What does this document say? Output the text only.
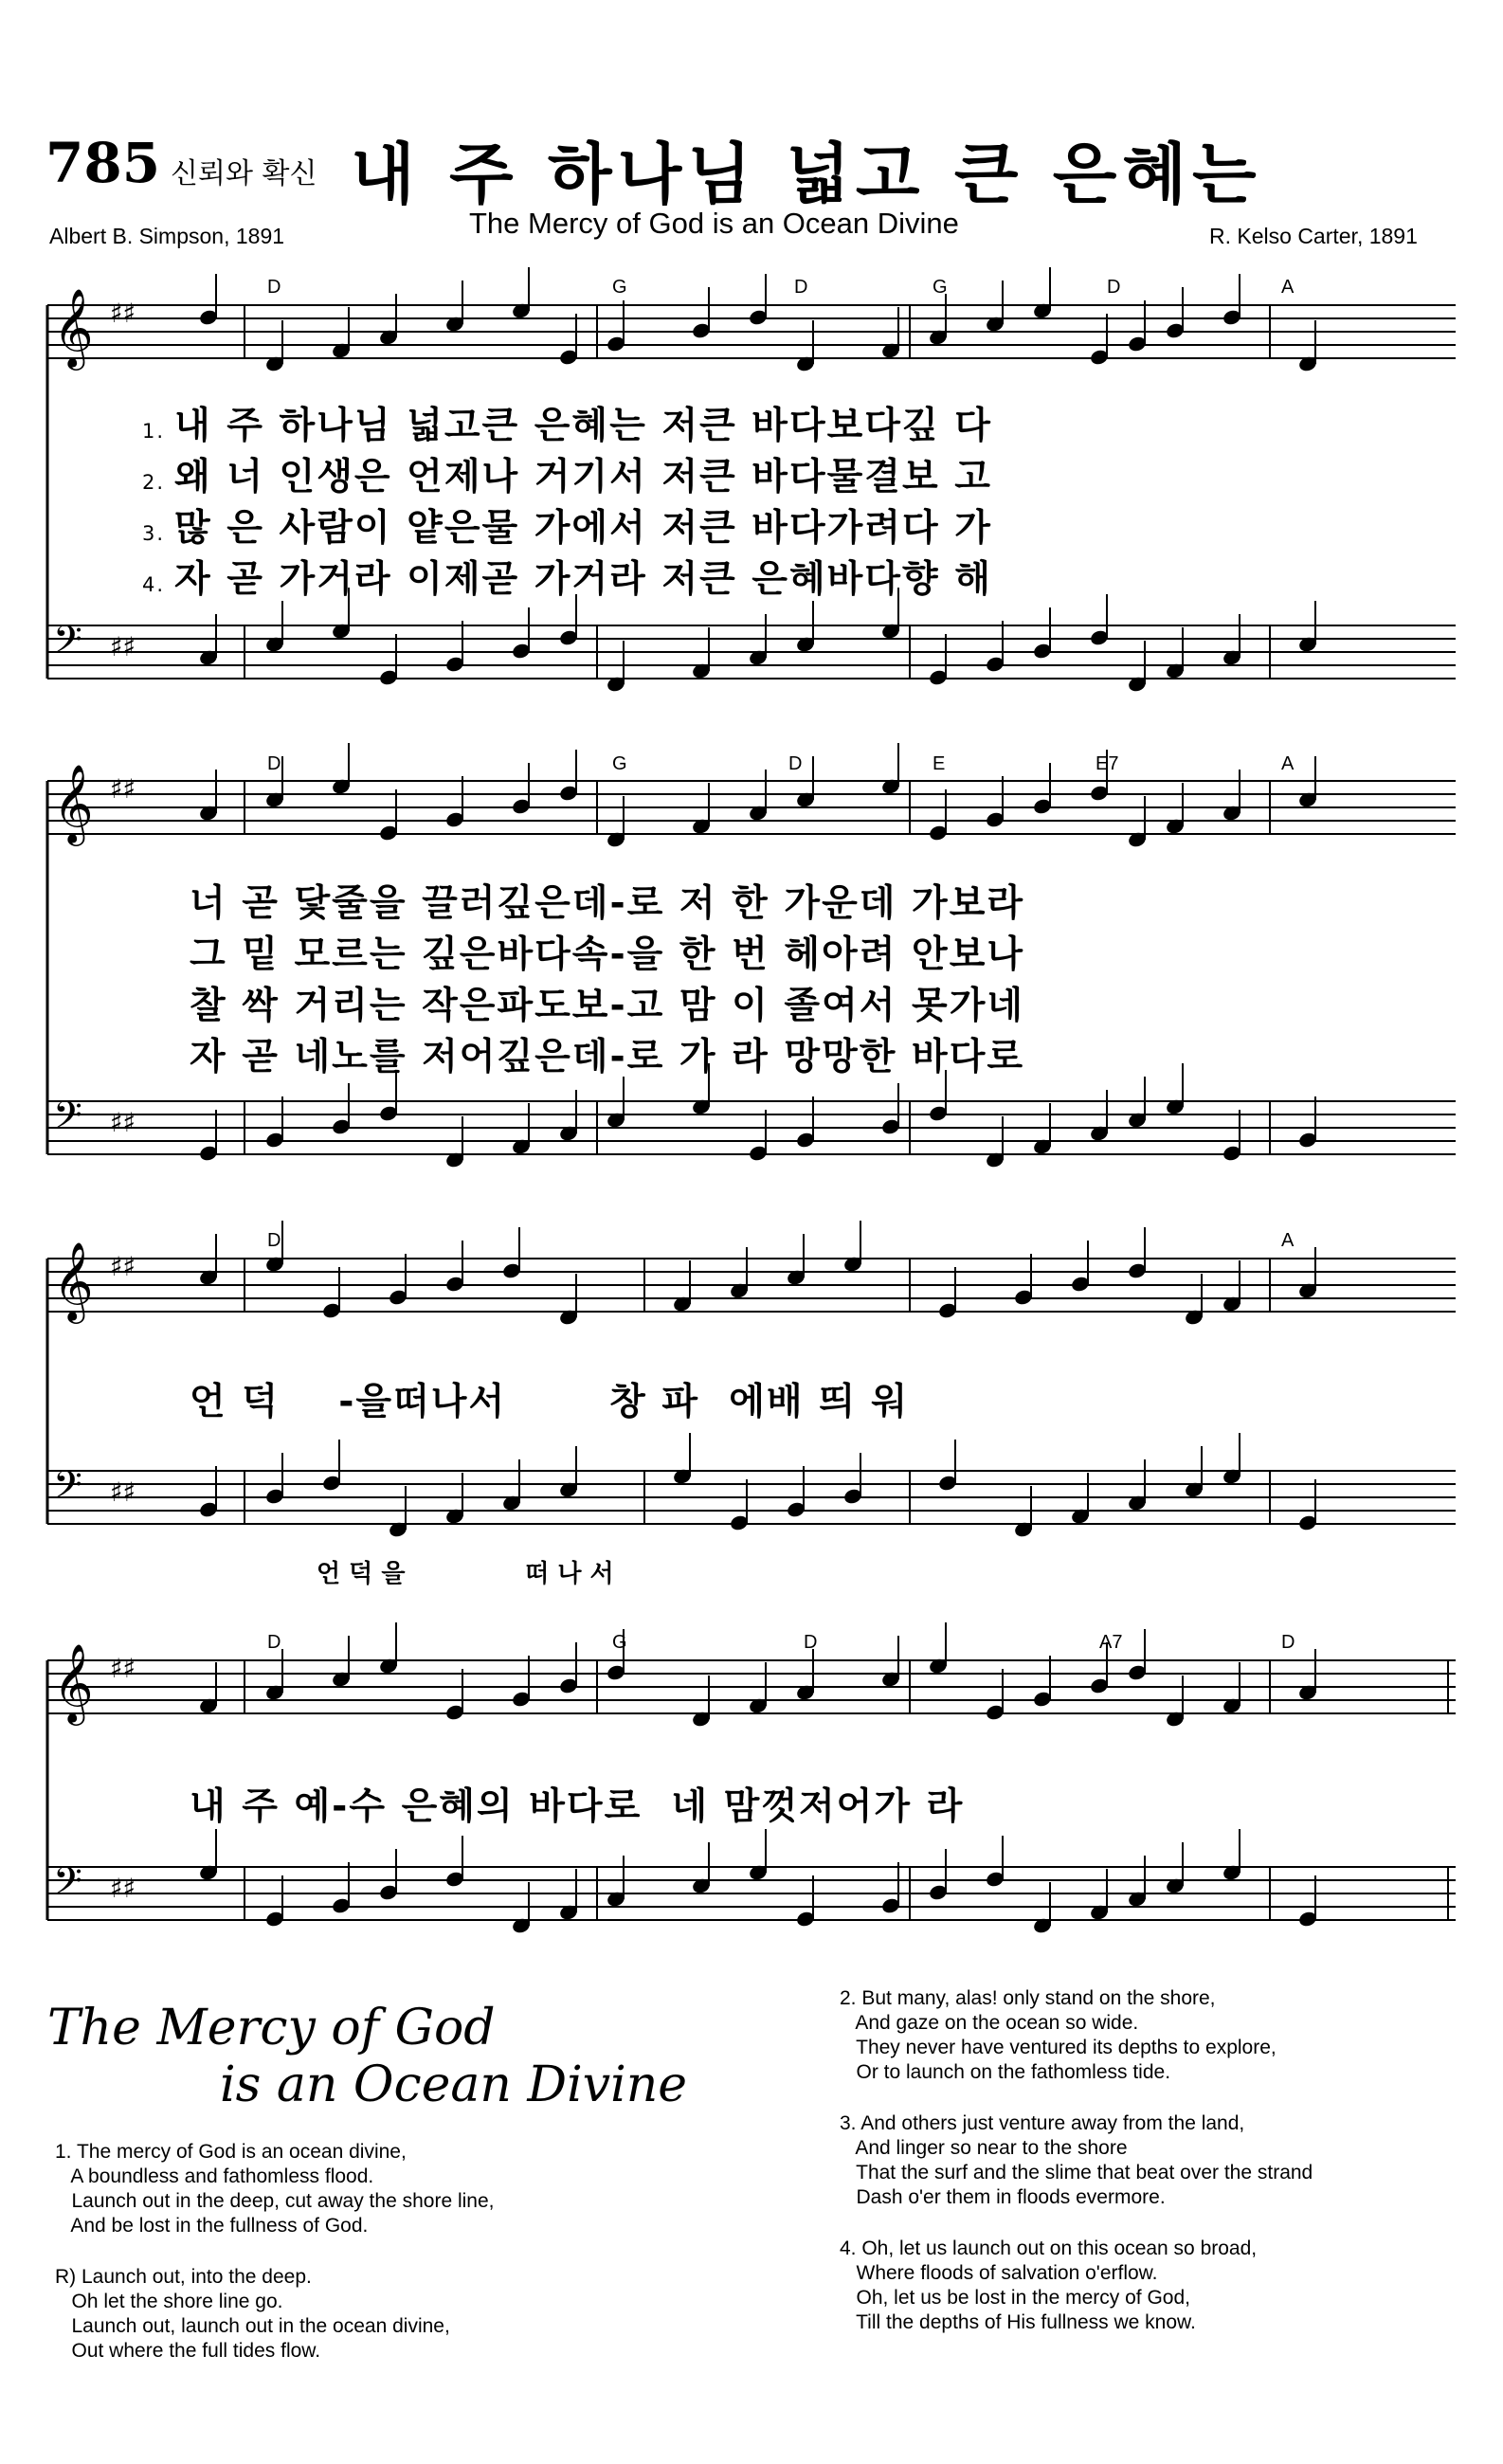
785 신뢰와 확신 내 주 하나님 넓고 큰 은혜는
The Mercy of God is an Ocean Divine
Albert B. Simpson, 1891	R. Kelso Carter, 1891
𝄞 ♯♯
𝄢 ♯♯
𝄞 ♯♯
𝄢 ♯♯
𝄞 ♯♯
𝄢 ♯♯
𝄞 ♯♯
𝄢 ♯♯
D	G	D	G	D	A
D	G	D	E	E7	A
D	A
D	G	D	A7	D
1. 내 주 하나님 넓고큰 은혜는 저큰 바다보다깊 다
2. 왜 너 인생은 언제나 거기서 저큰 바다물결보 고
3. 많 은 사람이 얕은물 가에서 저큰 바다가려다 가
4. 자 곧 가거라 이제곧 가거라 저큰 은혜바다향 해
너 곧 닻줄을 끌러깊은데-로 저 한 가운데 가보라
그 밑 모르는 깊은바다속-을 한 번 헤아려 안보나
찰 싹 거리는 작은파도보-고 맘 이 졸여서 못가네
자 곧 네노를 저어깊은데-로 가 라 망망한 바다로
언 덕    -을떠나서       창 파  에배 띄 워
언 덕 을              떠 나 서
내 주 예-수 은혜의 바다로  네 맘껏저어가 라
The Mercy of God
is an Ocean Divine
1. The mercy of God is an ocean divine,
A boundless and fathomless flood.
Launch out in the deep, cut away the shore line,
And be lost in the fullness of God.
R) Launch out, into the deep.
Oh let the shore line go.
Launch out, launch out in the ocean divine,
Out where the full tides flow.
2. But many, alas! only stand on the shore,
And gaze on the ocean so wide.
They never have ventured its depths to explore,
Or to launch on the fathomless tide.
3. And others just venture away from the land,
And linger so near to the shore
That the surf and the slime that beat over the strand
Dash o'er them in floods evermore.
4. Oh, let us launch out on this ocean so broad,
Where floods of salvation o'erflow.
Oh, let us be lost in the mercy of God,
Till the depths of His fullness we know.
